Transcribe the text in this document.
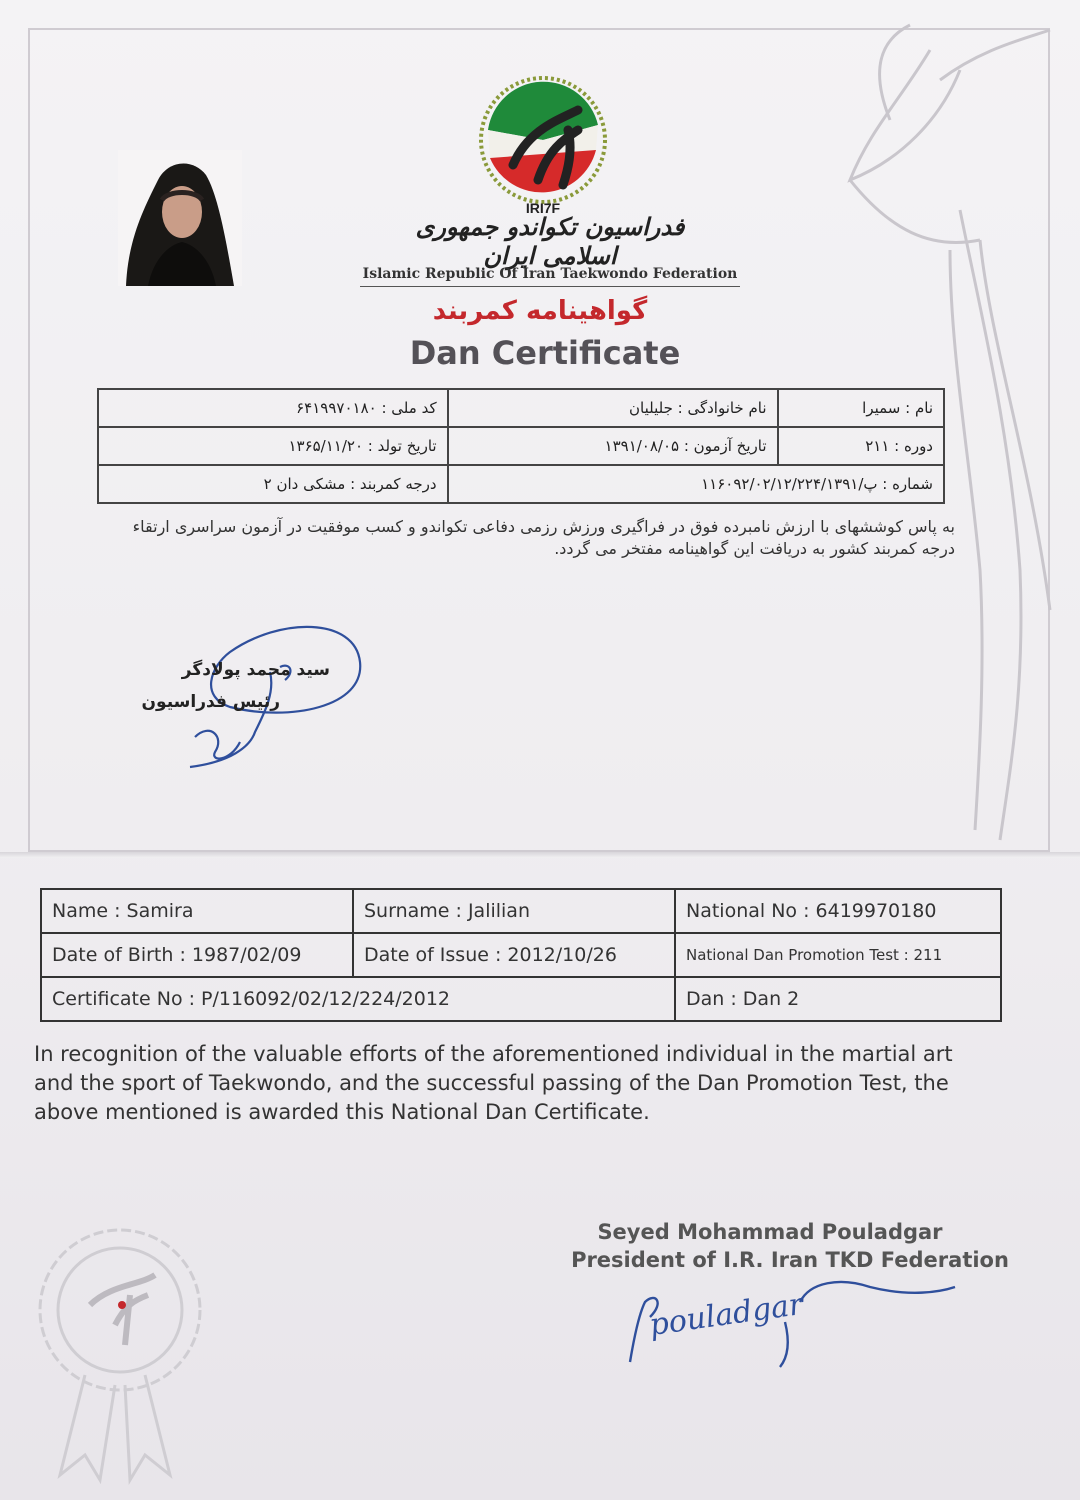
IRI7F
فدراسیون تکواندو جمهوری اسلامی ایران
Islamic Republic Of Iran Taekwondo Federation
گواهینامه کمربند
Dan Certificate
نام : سمیرا	نام خانوادگی : جلیلیان	کد ملی : ۶۴۱۹۹۷۰۱۸۰
دوره : ۲۱۱	تاریخ آزمون : ۱۳۹۱/۰۸/۰۵	تاریخ تولد : ۱۳۶۵/۱۱/۲۰
شماره : پ/۱۱۶۰۹۲/۰۲/۱۲/۲۲۴/۱۳۹۱		درجه کمربند : مشکی دان ۲
به پاس کوششهای با ارزش نامبرده فوق در فراگیری ورزش رزمی دفاعی تکواندو و کسب موفقیت در آزمون سراسری ارتقاء درجه کمربند کشور به دریافت این گواهینامه مفتخر می گردد.
سید محمد پولادگر
رئیس فدراسیون
Name : Samira	Surname : Jalilian	National No : 6419970180
Date of Birth : 1987/02/09	Date of Issue : 2012/10/26	National Dan Promotion Test : 211
Certificate No : P/116092/02/12/224/2012		Dan : Dan 2
In recognition of the valuable efforts of the aforementioned individual in the martial art and the sport of Taekwondo, and the successful passing of the Dan Promotion Test, the above mentioned is awarded this National Dan Certificate.
Seyed Mohammad Pouladgar
President of I.R. Iran TKD Federation
pouladgar
